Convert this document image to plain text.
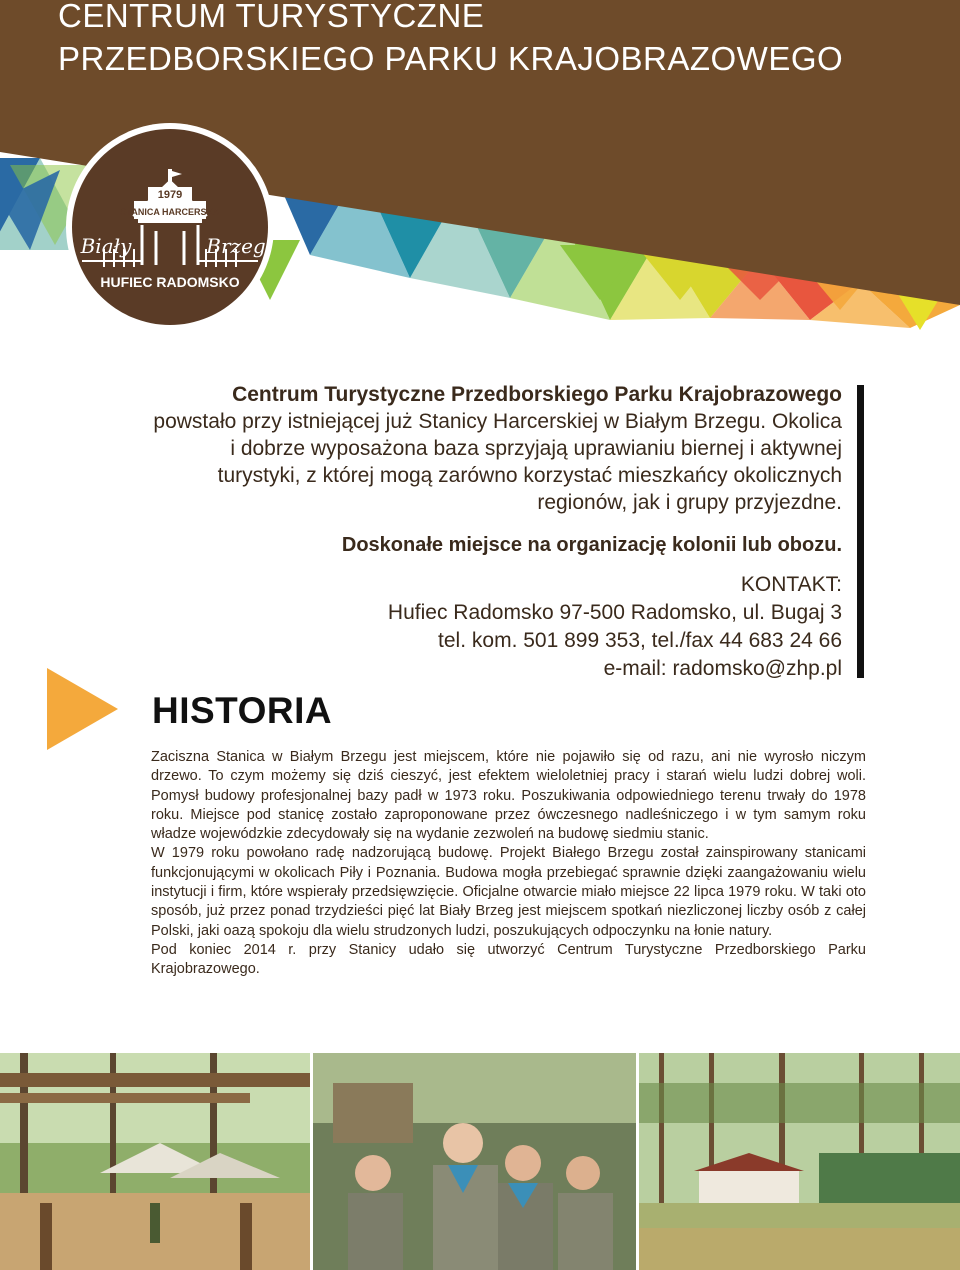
CENTRUM TURYSTYCZNE
PRZEDBORSKIEGO PARKU KRAJOBRAZOWEGO
1979
STANICA HARCERSKA
Biały	Brzeg
HUFIEC RADOMSKO

Centrum Turystyczne Przedborskiego Parku Krajobrazowego

powstało przy istniejącej już Stanicy Harcerskiej w Białym Brzegu. Okolica i dobrze wyposażona baza sprzyjają uprawianiu biernej i aktywnej turystyki, z której mogą zarówno korzystać mieszkańcy okolicznych regionów, jak i grupy przyjezdne.

Doskonałe miejsce na organizację kolonii lub obozu.

KONTAKT:
Hufiec Radomsko 97-500 Radomsko, ul. Bugaj 3
tel. kom. 501 899 353, tel./fax 44 683 24 66
e-mail: radomsko@zhp.pl
HISTORIA

Zaciszna Stanica w Białym Brzegu jest miejscem, które nie pojawiło się od razu, ani nie wyrosło niczym drzewo. To czym możemy się dziś cieszyć, jest efektem wieloletniej pracy i starań wielu ludzi dobrej woli. Pomysł budowy profesjonalnej bazy padł w 1973 roku. Poszukiwania odpowiedniego terenu trwały do 1978 roku. Miejsce pod stanicę zostało zaproponowane przez ówczesnego nadleśniczego i w tym samym roku władze wojewódzkie zdecydowały się na wydanie zezwoleń na budowę siedmiu stanic.

W 1979 roku powołano radę nadzorującą budowę. Projekt Białego Brzegu został zainspirowany stanicami funkcjonującymi w okolicach Piły i Poznania. Budowa mogła przebiegać sprawnie dzięki zaangażowaniu wielu instytucji i firm, które wspierały przedsięwzięcie. Oficjalne otwarcie miało miejsce 22 lipca 1979 roku. W taki oto sposób, już przez ponad trzydzieści pięć lat Biały Brzeg jest miejscem spotkań niezliczonej liczby osób z całej Polski, jaki oazą spokoju dla wielu strudzonych ludzi, poszukujących odpoczynku na łonie natury.

Pod koniec 2014 r. przy Stanicy udało się utworzyć Centrum Turystyczne Przedborskiego Parku Krajobrazowego.
